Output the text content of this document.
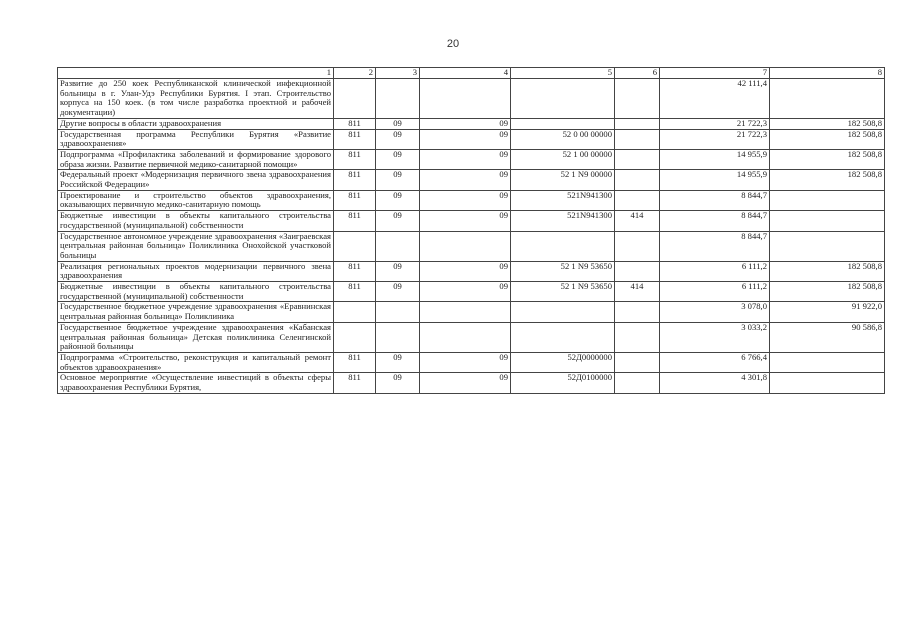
20
1	2	3	4	5	6	7	8
Развитие до 250 коек Республиканской клинической инфекционной больницы в г. Улан-Удэ Республики Бурятия. I этап. Строительство корпуса на 150 коек. (в том числе разработка проектной и рабочей документации)						42 111,4	
Другие вопросы в области здравоохранения	811	09	09			21 722,3	182 508,8
Государственная программа Республики Бурятия «Развитие здравоохранения»	811	09	09	52 0 00 00000		21 722,3	182 508,8
Подпрограмма «Профилактика заболеваний и формирование здорового образа жизни. Развитие первичной медико-санитарной помощи»	811	09	09	52 1 00 00000		14 955,9	182 508,8
Федеральный проект «Модернизация первичного звена здравоохранения Российской Федерации»	811	09	09	52 1 N9 00000		14 955,9	182 508,8
Проектирование и строительство объектов здравоохранения, оказывающих первичную медико-санитарную помощь	811	09	09	521N941300		8 844,7	
Бюджетные инвестиции в объекты капитального строительства государственной (муниципальной) собственности	811	09	09	521N941300	414	8 844,7	
Государственное автономное учреждение здравоохранения «Заиграевская центральная районная больница» Поликлиника Онохойской участковой больницы						8 844,7	
Реализация региональных проектов модернизации первичного звена здравоохранения	811	09	09	52 1 N9 53650		6 111,2	182 508,8
Бюджетные инвестиции в объекты капитального строительства государственной (муниципальной) собственности	811	09	09	52 1 N9 53650	414	6 111,2	182 508,8
Государственное бюджетное учреждение здравоохранения «Еравнинская центральная районная больница» Поликлиника						3 078,0	91 922,0
Государственное бюджетное учреждение здравоохранения «Кабанская центральная районная больница» Детская поликлиника Селенгинской районной больницы						3 033,2	90 586,8
Подпрограмма «Строительство, реконструкция и капитальный ремонт объектов здравоохранения»	811	09	09	52Д0000000		6 766,4	
Основное мероприятие «Осуществление инвестиций в объекты сферы здравоохранения Республики Бурятия,	811	09	09	52Д0100000		4 301,8	
